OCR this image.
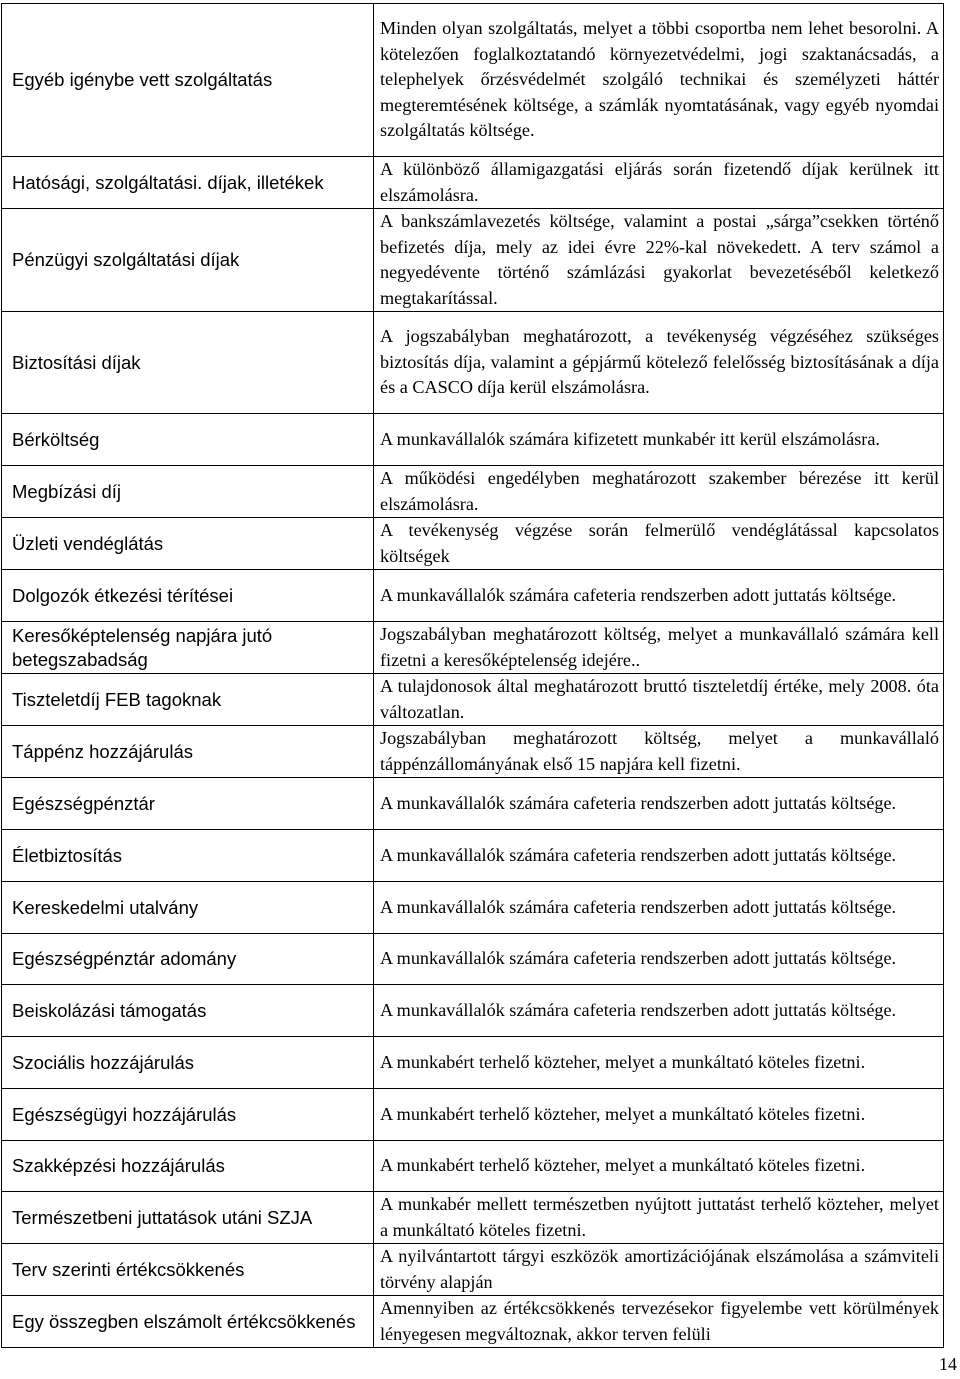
Egyéb igénybe vett szolgáltatás	Minden olyan szolgáltatás, melyet a többi csoportba nem lehet besorolni. A kötelezően foglalkoztatandó környezetvédelmi, jogi szaktanácsadás, a telephelyek őrzésvédelmét szolgáló technikai és személyzeti háttér megteremtésének költsége, a számlák nyomtatásának, vagy egyéb nyomdai szolgáltatás költsége.
Hatósági, szolgáltatási. díjak, illetékek	A különböző államigazgatási eljárás során fizetendő díjak kerülnek itt elszámolásra.
Pénzügyi szolgáltatási díjak	A bankszámlavezetés költsége, valamint a postai „sárga”csekken történő befizetés díja, mely az idei évre 22%-kal növekedett. A terv számol a negyedévente történő számlázási gyakorlat bevezetéséből keletkező megtakarítással.
Biztosítási díjak	A jogszabályban meghatározott, a tevékenység végzéséhez szükséges biztosítás díja, valamint a gépjármű kötelező felelősség biztosításának a díja és a CASCO díja kerül elszámolásra.
Bérköltség	A munkavállalók számára kifizetett munkabér itt kerül elszámolásra.
Megbízási díj	A működési engedélyben meghatározott szakember bérezése itt kerül elszámolásra.
Üzleti vendéglátás	A tevékenység végzése során felmerülő vendéglátással kapcsolatos költségek
Dolgozók étkezési térítései	A munkavállalók számára cafeteria rendszerben adott juttatás költsége.
Keresőképtelenség napjára jutó betegszabadság	Jogszabályban meghatározott költség, melyet a munkavállaló számára kell fizetni a keresőképtelenség idejére..
Tiszteletdíj FEB tagoknak	A tulajdonosok által meghatározott bruttó tiszteletdíj értéke, mely 2008. óta változatlan.
Táppénz hozzájárulás	Jogszabályban meghatározott költség, melyet a munkavállaló táppénzállományának első 15 napjára kell fizetni.
Egészségpénztár	A munkavállalók számára cafeteria rendszerben adott juttatás költsége.
Életbiztosítás	A munkavállalók számára cafeteria rendszerben adott juttatás költsége.
Kereskedelmi utalvány	A munkavállalók számára cafeteria rendszerben adott juttatás költsége.
Egészségpénztár adomány	A munkavállalók számára cafeteria rendszerben adott juttatás költsége.
Beiskolázási támogatás	A munkavállalók számára cafeteria rendszerben adott juttatás költsége.
Szociális hozzájárulás	A munkabért terhelő közteher, melyet a munkáltató köteles fizetni.
Egészségügyi hozzájárulás	A munkabért terhelő közteher, melyet a munkáltató köteles fizetni.
Szakképzési hozzájárulás	A munkabért terhelő közteher, melyet a munkáltató köteles fizetni.
Természetbeni juttatások utáni SZJA	A munkabér mellett természetben nyújtott juttatást terhelő közteher, melyet a munkáltató köteles fizetni.
Terv szerinti értékcsökkenés	A nyilvántartott tárgyi eszközök amortizációjának elszámolása a számviteli törvény alapján
Egy összegben elszámolt értékcsökkenés	Amennyiben az értékcsökkenés tervezésekor figyelembe vett körülmények lényegesen megváltoznak, akkor terven felüli
14
